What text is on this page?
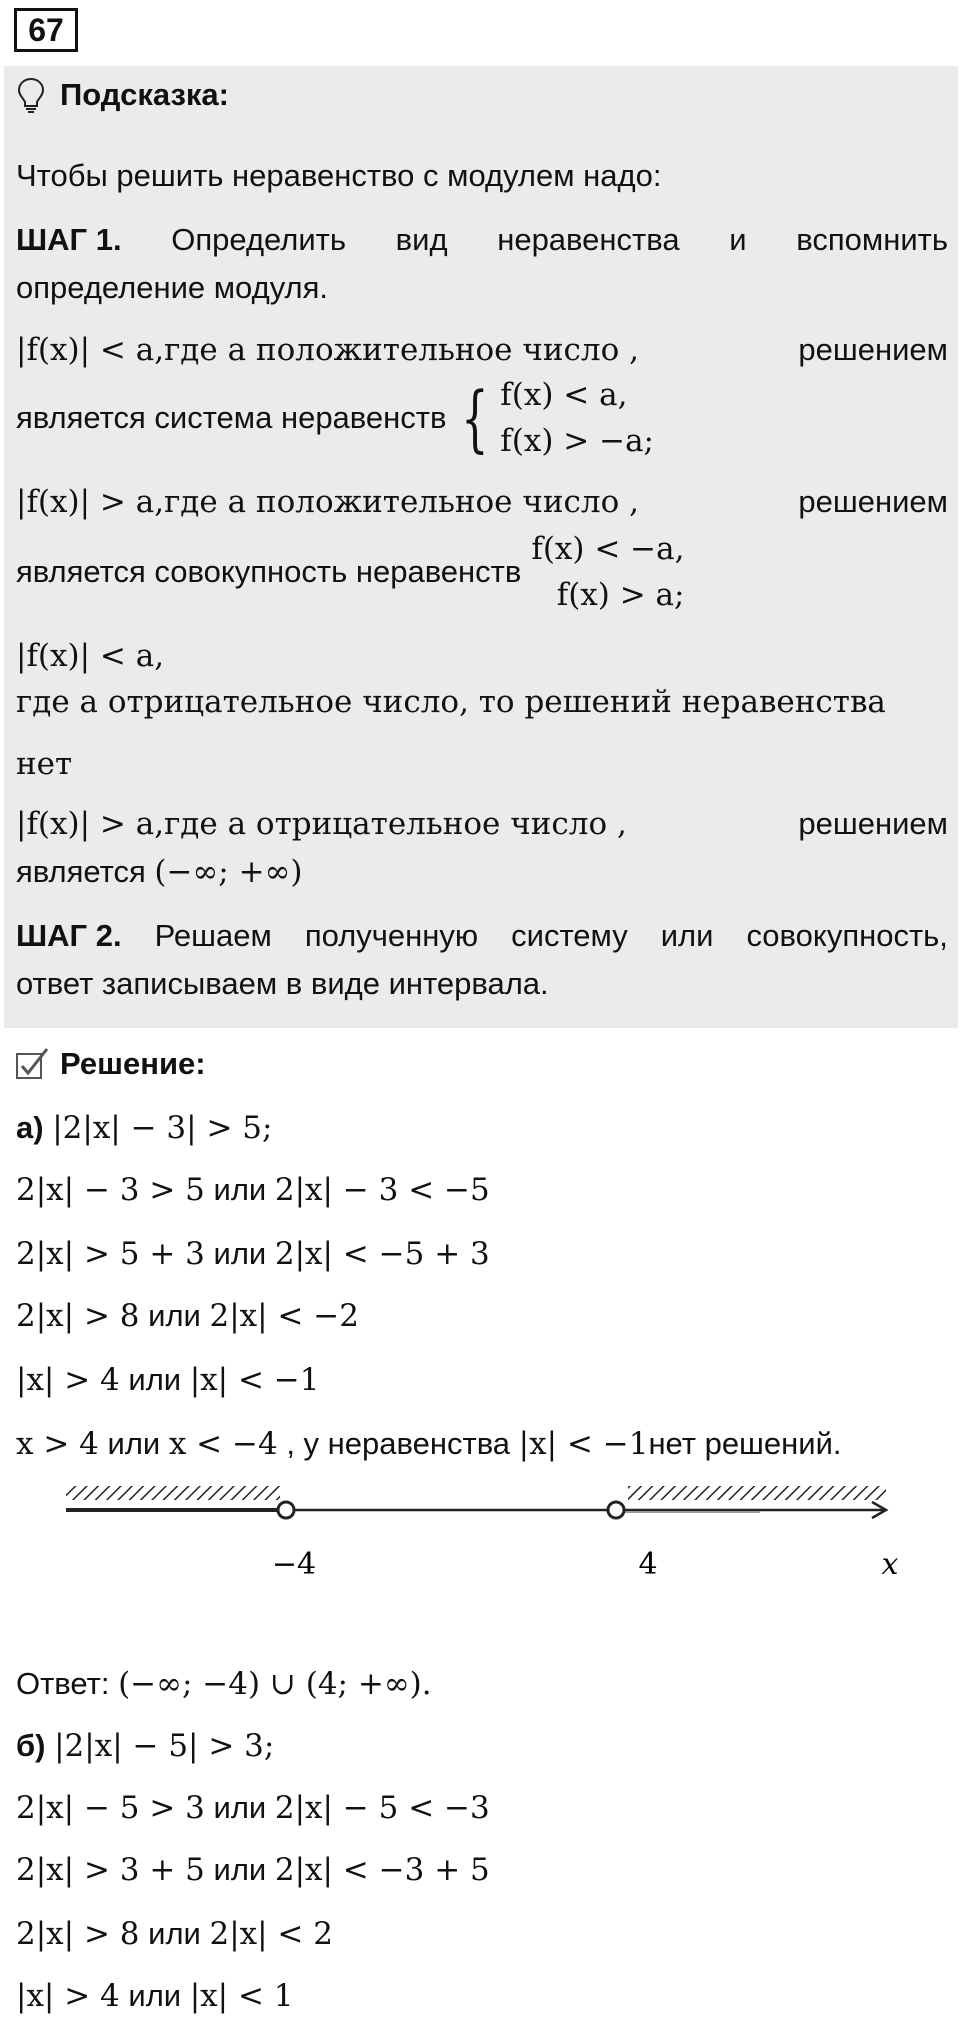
67
Подсказка:
Чтобы решить неравенство с модулем надо:
ШАГ 1. Определить вид неравенства и вспомнить
определение модуля.
|f(x)| < a,где a положительное число ,	решением
является система неравенств { f(x) < a,
f(x) > −a;
|f(x)| > a,где a положительное число ,	решением
является совокупность неравенств
f(x) < −a,
f(x) > a;
|f(x)| < a,
где a отрицательное число, то решений неравенства
нет
|f(x)| > a,где a отрицательное число ,	решением
является (−∞; +∞)
ШАГ 2. Решаем полученную систему или совокупность,
ответ записываем в виде интервала.
Решение:
а) |2|x| − 3| > 5;
2|x| − 3 > 5 или 2|x| − 3 < −5
2|x| > 5 + 3 или 2|x| < −5 + 3
2|x| > 8 или 2|x| < −2
|x| > 4 или |x| < −1
x > 4 или x < −4 , у неравенства |x| < −1нет решений.
−4	4	x
Ответ: (−∞; −4) ∪ (4; +∞).
б) |2|x| − 5| > 3;
2|x| − 5 > 3 или 2|x| − 5 < −3
2|x| > 3 + 5 или 2|x| < −3 + 5
2|x| > 8 или 2|x| < 2
|x| > 4 или |x| < 1
